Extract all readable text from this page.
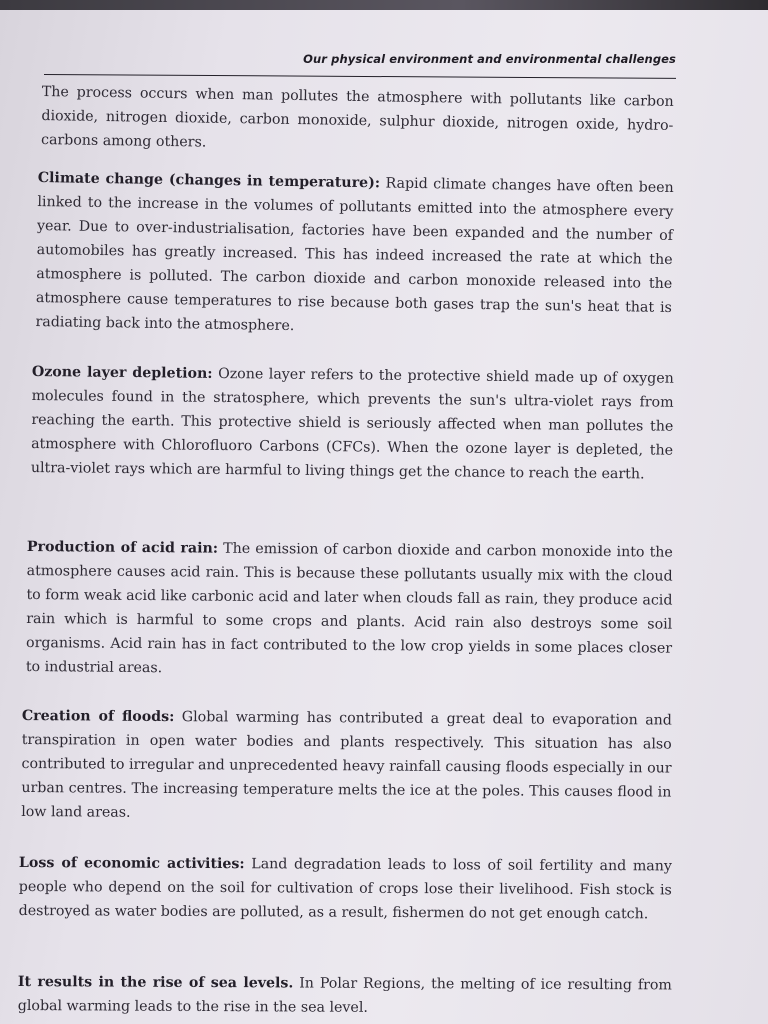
Our physical environment and environmental challenges

The process occurs when man pollutes the atmosphere with pollutants like carbon dioxide, nitrogen dioxide, carbon monoxide, sulphur dioxide, nitrogen oxide, hydro-carbons among others.

Climate change (changes in temperature): Rapid climate changes have often been linked to the increase in the volumes of pollutants emitted into the atmosphere every year. Due to over-industrialisation, factories have been expanded and the number of automobiles has greatly increased. This has indeed increased the rate at which the atmosphere is polluted. The carbon dioxide and carbon monoxide released into the atmosphere cause temperatures to rise because both gases trap the sun's heat that is radiating back into the atmosphere.

Ozone layer depletion: Ozone layer refers to the protective shield made up of oxygen molecules found in the stratosphere, which prevents the sun's ultra-violet rays from reaching the earth. This protective shield is seriously affected when man pollutes the atmosphere with Chlorofluoro Carbons (CFCs). When the ozone layer is depleted, the ultra-violet rays which are harmful to living things get the chance to reach the earth.

Production of acid rain: The emission of carbon dioxide and carbon monoxide into the atmosphere causes acid rain. This is because these pollutants usually mix with the cloud to form weak acid like carbonic acid and later when clouds fall as rain, they produce acid rain which is harmful to some crops and plants. Acid rain also destroys some soil organisms. Acid rain has in fact contributed to the low crop yields in some places closer to industrial areas.

Creation of floods: Global warming has contributed a great deal to evaporation and transpiration in open water bodies and plants respectively. This situation has also contributed to irregular and unprecedented heavy rainfall causing floods especially in our urban centres. The increasing temperature melts the ice at the poles. This causes flood in low land areas.

Loss of economic activities: Land degradation leads to loss of soil fertility and many people who depend on the soil for cultivation of crops lose their livelihood. Fish stock is destroyed as water bodies are polluted, as a result, fishermen do not get enough catch.

It results in the rise of sea levels. In Polar Regions, the melting of ice resulting from global warming leads to the rise in the sea level.
